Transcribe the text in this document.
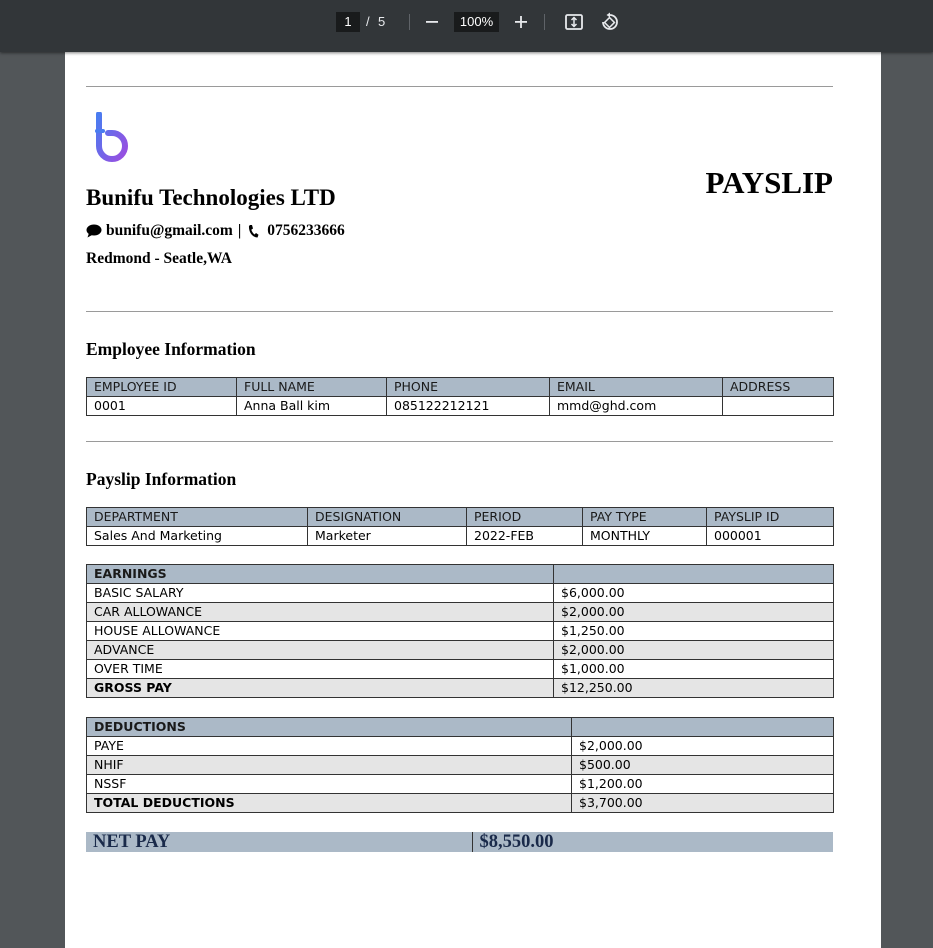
1
/ 5	100%
Bunifu Technologies LTD
bunifu@gmail.com | 0756233666
Redmond - Seatle,WA
PAYSLIP
Employee Information
EMPLOYEE ID	FULL NAME	PHONE	EMAIL	ADDRESS
0001	Anna Ball kim	085122212121	mmd@ghd.com	
Payslip Information
DEPARTMENT	DESIGNATION	PERIOD	PAY TYPE	PAYSLIP ID
Sales And Marketing	Marketer	2022-FEB	MONTHLY	000001
EARNINGS	
BASIC SALARY	$6,000.00
CAR ALLOWANCE	$2,000.00
HOUSE ALLOWANCE	$1,250.00
ADVANCE	$2,000.00
OVER TIME	$1,000.00
GROSS PAY	$12,250.00
DEDUCTIONS	
PAYE	$2,000.00
NHIF	$500.00
NSSF	$1,200.00
TOTAL DEDUCTIONS	$3,700.00
NET PAY	$8,550.00
